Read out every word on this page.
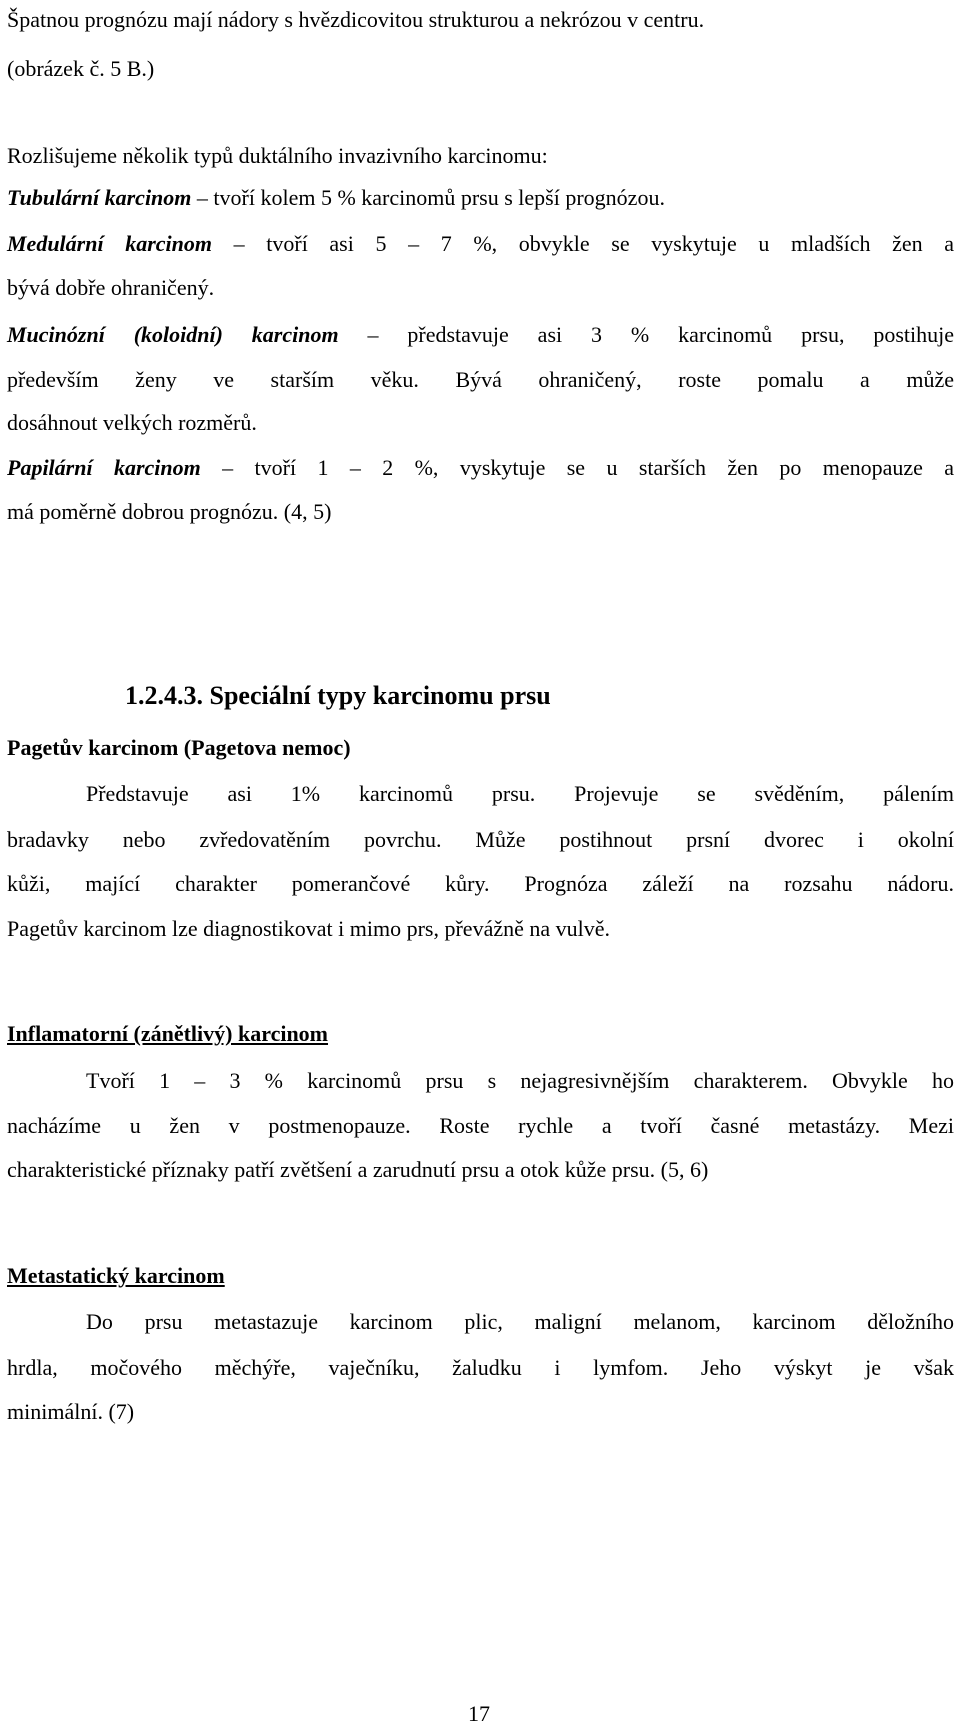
Špatnou prognózu mají nádory s hvězdicovitou strukturou a nekrózou v centru.
(obrázek č. 5 B.)
Rozlišujeme několik typů duktálního invazivního karcinomu:
Tubulární karcinom – tvoří kolem 5 % karcinomů prsu s lepší prognózou.
Medulární karcinom – tvoří asi 5 – 7 %, obvykle se vyskytuje u mladších žen a
bývá dobře ohraničený.
Mucinózní (koloidní) karcinom – představuje asi 3 % karcinomů prsu, postihuje
především ženy ve starším věku. Bývá ohraničený, roste pomalu a může
dosáhnout velkých rozměrů.
Papilární karcinom – tvoří 1 – 2 %, vyskytuje se u starších žen po menopauze a
má poměrně dobrou prognózu. (4, 5)
1.2.4.3. Speciální typy karcinomu prsu
Pagetův karcinom (Pagetova nemoc)
Představuje asi 1% karcinomů prsu. Projevuje se svěděním, pálením
bradavky nebo zvředovatěním povrchu. Může postihnout prsní dvorec i okolní
kůži, mající charakter pomerančové kůry. Prognóza záleží na rozsahu nádoru.
Pagetův karcinom lze diagnostikovat i mimo prs, převážně na vulvě.
Inflamatorní (zánětlivý) karcinom
Tvoří 1 – 3 % karcinomů prsu s nejagresivnějším charakterem. Obvykle ho
nacházíme u žen v postmenopauze. Roste rychle a tvoří časné metastázy. Mezi
charakteristické příznaky patří zvětšení a zarudnutí prsu a otok kůže prsu. (5, 6)
Metastatický karcinom
Do prsu metastazuje karcinom plic, maligní melanom, karcinom děložního
hrdla, močového měchýře, vaječníku, žaludku i lymfom. Jeho výskyt je však
minimální. (7)
17
